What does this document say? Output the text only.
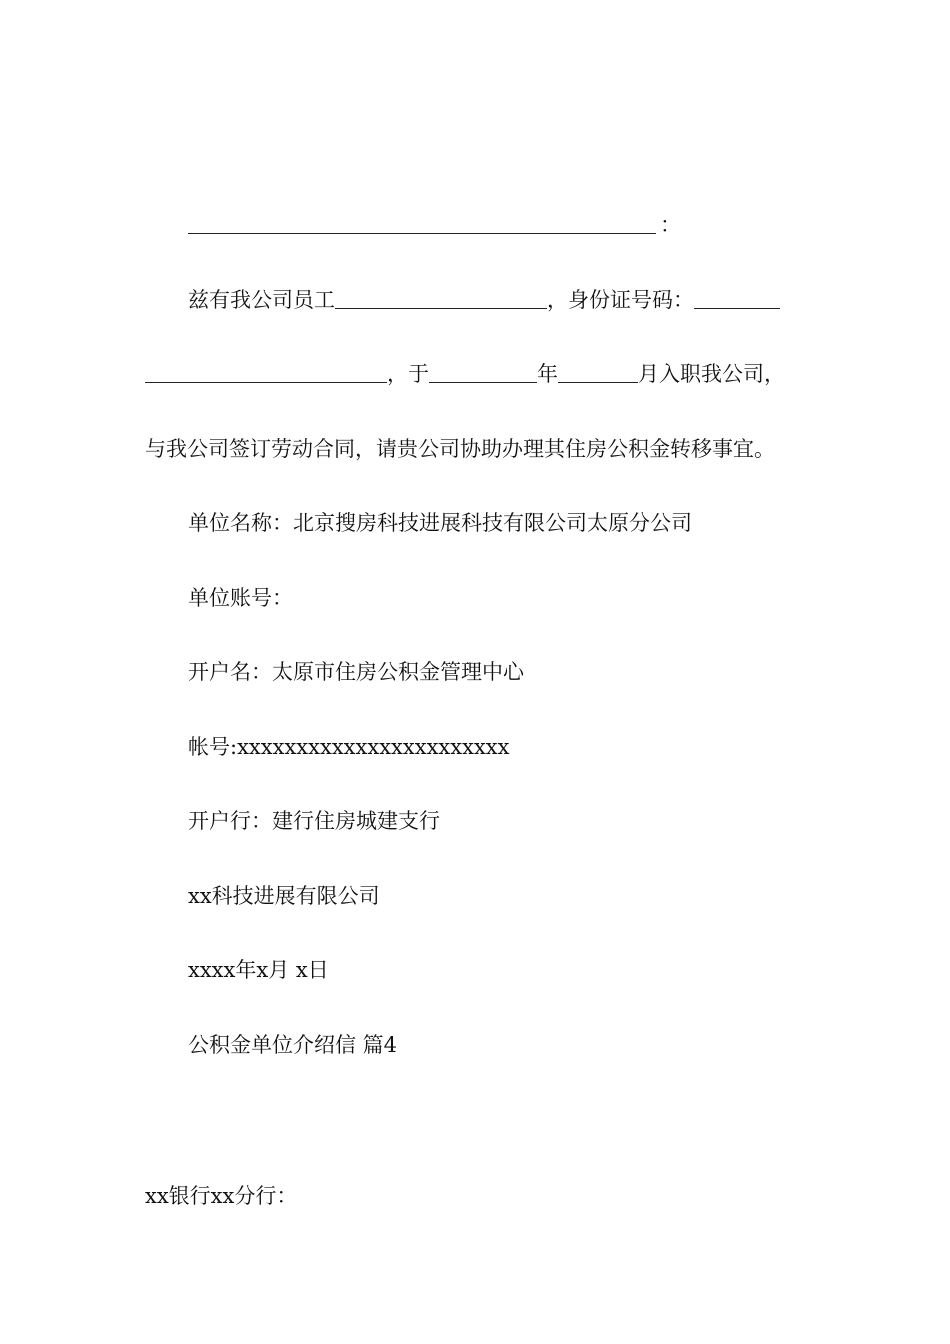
：
兹有我公司员工	，身份证号码：
，于	年	月入职我公司，
与我公司签订劳动合同，请贵公司协助办理其住房公积金转移事宜。
单位名称：北京搜房科技进展科技有限公司太原分公司
单位账号：
开户名：太原市住房公积金管理中心
帐号:xxxxxxxxxxxxxxxxxxxxxxx
开户行：建行住房城建支行
xx科技进展有限公司
xxxx年x月 x日
公积金单位介绍信 篇4
xx银行xx分行：
